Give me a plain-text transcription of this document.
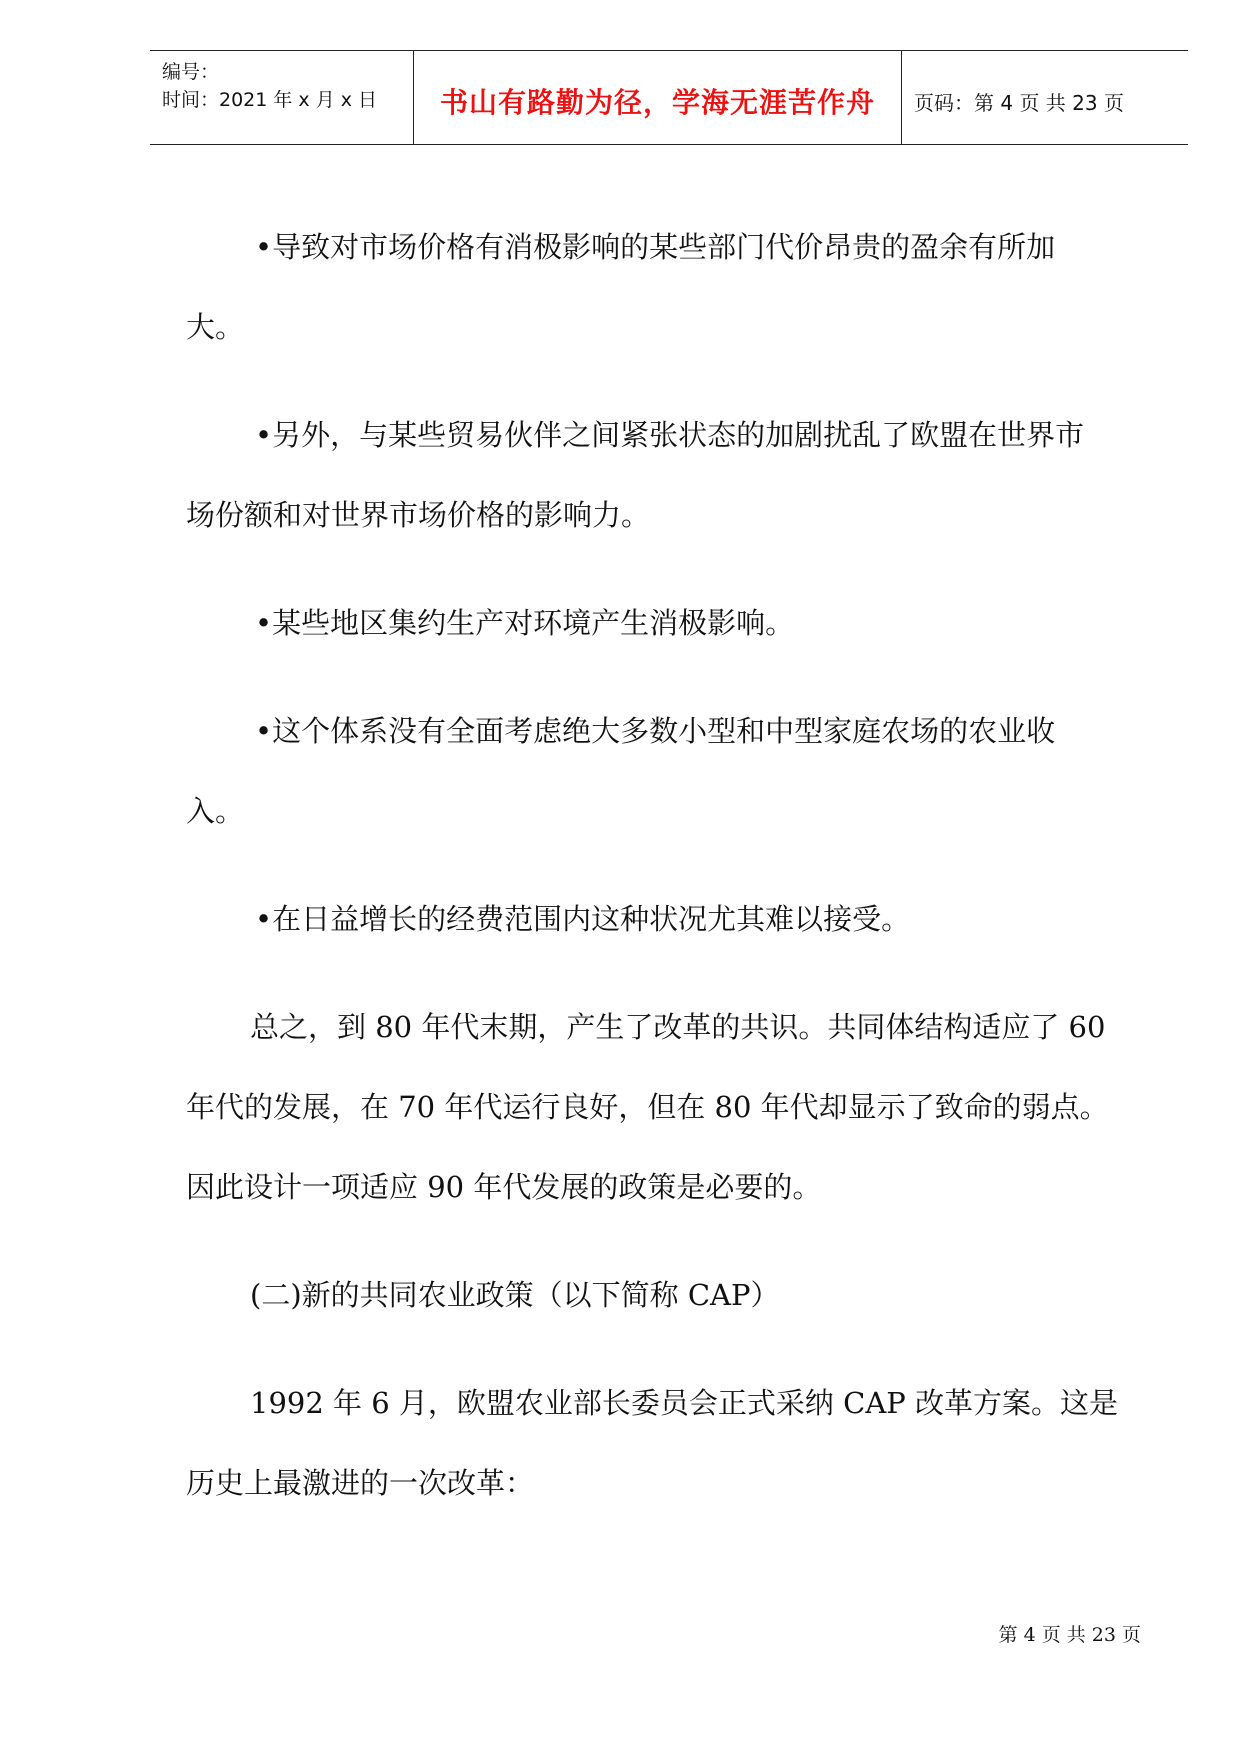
编号：
时间：2021 年 x 月 x 日	书山有路勤为径，学海无涯苦作舟	页码：第 4 页 共 23 页

•导致对市场价格有消极影响的某些部门代价昂贵的盈余有所加

大。

•另外，与某些贸易伙伴之间紧张状态的加剧扰乱了欧盟在世界市

场份额和对世界市场价格的影响力。

•某些地区集约生产对环境产生消极影响。

•这个体系没有全面考虑绝大多数小型和中型家庭农场的农业收

入。

•在日益增长的经费范围内这种状况尤其难以接受。

总之，到 80 年代末期，产生了改革的共识。共同体结构适应了 60

年代的发展，在 70 年代运行良好，但在 80 年代却显示了致命的弱点。

因此设计一项适应 90 年代发展的政策是必要的。

(二)新的共同农业政策（以下简称 CAP）

1992 年 6 月，欧盟农业部长委员会正式采纳 CAP 改革方案。这是

历史上最激进的一次改革：

第 4 页 共 23 页
